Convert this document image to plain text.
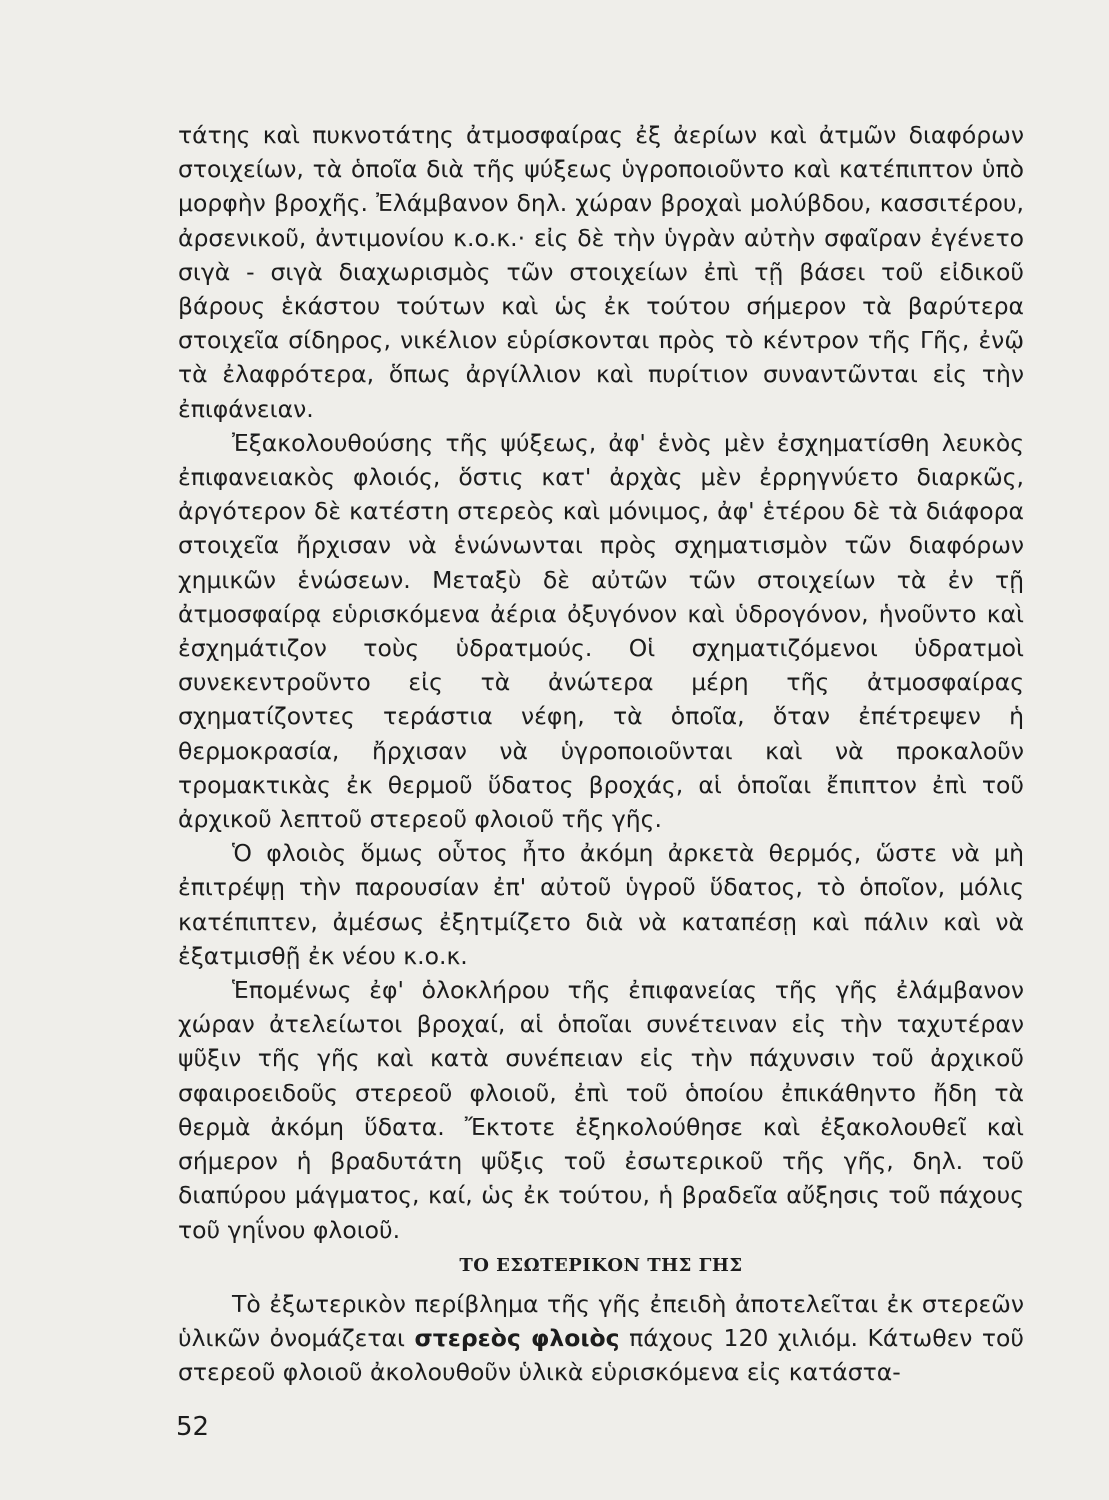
τάτης καὶ πυκνοτάτης ἀτμοσφαίρας ἐξ ἀερίων καὶ ἀτμῶν διαφόρων στοιχείων, τὰ ὁποῖα διὰ τῆς ψύξεως ὑγροποιοῦντο καὶ κατέπιπτον ὑπὸ μορφὴν βροχῆς. Ἐλάμβανον δηλ. χώραν βροχαὶ μολύβδου, κασσιτέρου, ἀρσενικοῦ, ἀντιμονίου κ.ο.κ.· εἰς δὲ τὴν ὑγρὰν αὐτὴν σφαῖραν ἐγένετο σιγὰ - σιγὰ διαχωρισμὸς τῶν στοιχείων ἐπὶ τῇ βάσει τοῦ εἰδικοῦ βάρους ἑκάστου τούτων καὶ ὡς ἐκ τούτου σήμερον τὰ βαρύτερα στοιχεῖα σίδηρος, νικέλιον εὑρίσκονται πρὸς τὸ κέντρον τῆς Γῆς, ἐνῷ τὰ ἐλαφρότερα, ὅπως ἀργίλλιον καὶ πυρίτιον συναντῶνται εἰς τὴν ἐπιφάνειαν.

Ἐξακολουθούσης τῆς ψύξεως, ἀφ' ἑνὸς μὲν ἐσχηματίσθη λευκὸς ἐπιφανειακὸς φλοιός, ὅστις κατ' ἀρχὰς μὲν ἐρρηγνύετο διαρκῶς, ἀργότερον δὲ κατέστη στερεὸς καὶ μόνιμος, ἀφ' ἑτέρου δὲ τὰ διάφορα στοιχεῖα ἤρχισαν νὰ ἑνώνωνται πρὸς σχηματισμὸν τῶν διαφόρων χημικῶν ἑνώσεων. Μεταξὺ δὲ αὐτῶν τῶν στοιχείων τὰ ἐν τῇ ἀτμοσφαίρᾳ εὑρισκόμενα ἀέρια ὀξυγόνον καὶ ὑδρογόνον, ἡνοῦντο καὶ ἐσχημάτιζον τοὺς ὑδρατμούς. Οἱ σχηματιζόμενοι ὑδρατμοὶ συνεκεντροῦντο εἰς τὰ ἀνώτερα μέρη τῆς ἀτμοσφαίρας σχηματίζοντες τεράστια νέφη, τὰ ὁποῖα, ὅταν ἐπέτρεψεν ἡ θερμοκρασία, ἤρχισαν νὰ ὑγροποιοῦνται καὶ νὰ προκαλοῦν τρομακτικὰς ἐκ θερμοῦ ὕδατος βροχάς, αἱ ὁποῖαι ἔπιπτον ἐπὶ τοῦ ἀρχικοῦ λεπτοῦ στερεοῦ φλοιοῦ τῆς γῆς.

Ὁ φλοιὸς ὅμως οὗτος ἦτο ἀκόμη ἀρκετὰ θερμός, ὥστε νὰ μὴ ἐπιτρέψῃ τὴν παρουσίαν ἐπ' αὐτοῦ ὑγροῦ ὕδατος, τὸ ὁποῖον, μόλις κατέπιπτεν, ἀμέσως ἐξητμίζετο διὰ νὰ καταπέσῃ καὶ πάλιν καὶ νὰ ἐξατμισθῇ ἐκ νέου κ.ο.κ.

Ἑπομένως ἐφ' ὁλοκλήρου τῆς ἐπιφανείας τῆς γῆς ἐλάμβανον χώραν ἀτελείωτοι βροχαί, αἱ ὁποῖαι συνέτειναν εἰς τὴν ταχυτέραν ψῦξιν τῆς γῆς καὶ κατὰ συνέπειαν εἰς τὴν πάχυνσιν τοῦ ἀρχικοῦ σφαιροειδοῦς στερεοῦ φλοιοῦ, ἐπὶ τοῦ ὁποίου ἐπικάθηντο ἤδη τὰ θερμὰ ἀκόμη ὕδατα. Ἔκτοτε ἐξηκολούθησε καὶ ἐξακολουθεῖ καὶ σήμερον ἡ βραδυτάτη ψῦξις τοῦ ἐσωτερικοῦ τῆς γῆς, δηλ. τοῦ διαπύρου μάγματος, καί, ὡς ἐκ τούτου, ἡ βραδεῖα αὔξησις τοῦ πάχους τοῦ γηΐνου φλοιοῦ.

ΤΟ ΕΣΩΤΕΡΙΚΟΝ ΤΗΣ ΓΗΣ

Τὸ ἐξωτερικὸν περίβλημα τῆς γῆς ἐπειδὴ ἀποτελεῖται ἐκ στερεῶν ὑλικῶν ὀνομάζεται στερεὸς φλοιὸς πάχους 120 χιλιόμ. Κάτωθεν τοῦ στερεοῦ φλοιοῦ ἀκολουθοῦν ὑλικὰ εὑρισκόμενα εἰς κατάστα-

52
